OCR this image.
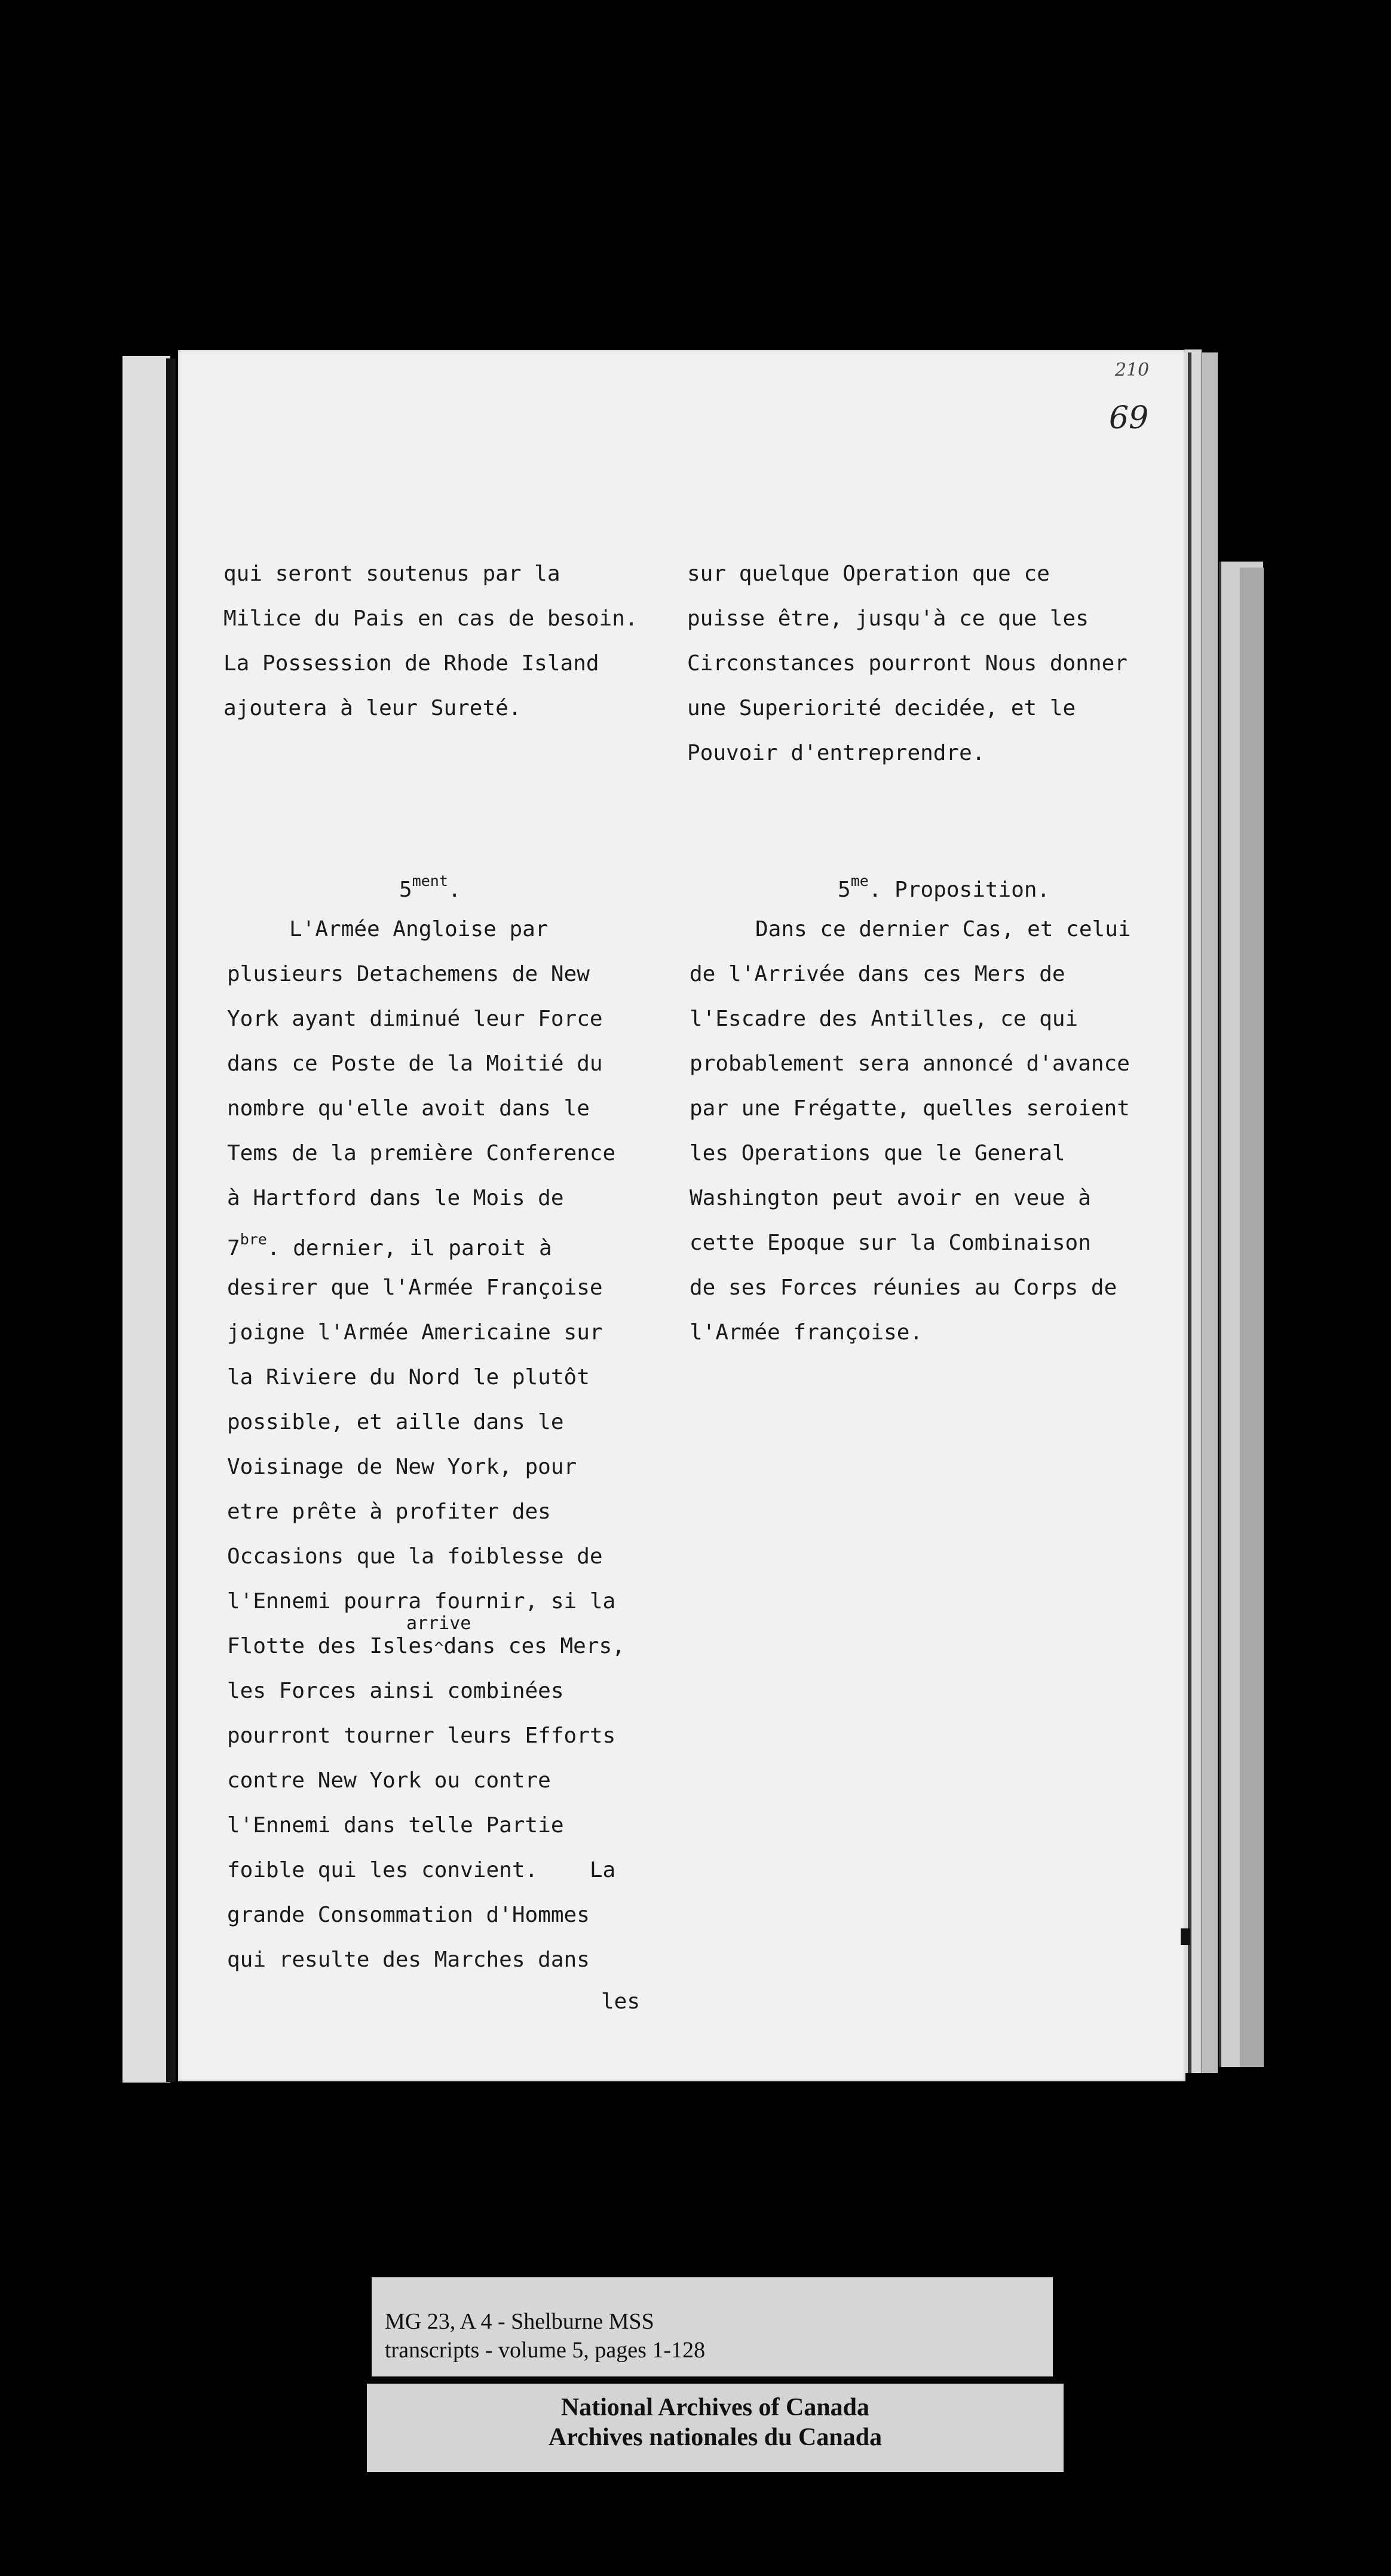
210
69
qui seront soutenus par la
Milice du Pais en cas de besoin.
La Possession de Rhode Island
ajoutera à leur Sureté.
$5^{ment}$.
L'Armée Angloise par
plusieurs Detachemens de New
York ayant diminué leur Force
dans ce Poste de la Moitié du
nombre qu'elle avoit dans le
Tems de la première Conference
à Hartford dans le Mois de
$7^{bre}$. dernier, il paroit à
desirer que l'Armée Françoise
joigne l'Armée Americaine sur
la Riviere du Nord le plutôt
possible, et aille dans le
Voisinage de New York, pour
etre prête à profiter des
Occasions que la foiblesse de
l'Ennemi pourra fournir, si la
arrive
Flotte des Isles^dans ces Mers,
les Forces ainsi combinées
pourront tourner leurs Efforts
contre New York ou contre
l'Ennemi dans telle Partie
foible qui les convient.    La
grande Consommation d'Hommes
qui resulte des Marches dans
les
sur quelque Operation que ce
puisse être, jusqu'à ce que les
Circonstances pourront Nous donner
une Superiorité decidée, et le
Pouvoir d'entreprendre.
$5^{me}$. Proposition.
Dans ce dernier Cas, et celui
de l'Arrivée dans ces Mers de
l'Escadre des Antilles, ce qui
probablement sera annoncé d'avance
par une Frégatte, quelles seroient
les Operations que le General
Washington peut avoir en veue à
cette Epoque sur la Combinaison
de ses Forces réunies au Corps de
l'Armée françoise.
MG 23, A 4 - Shelburne MSS
transcripts - volume 5, pages 1-128
National Archives of Canada
Archives nationales du Canada
